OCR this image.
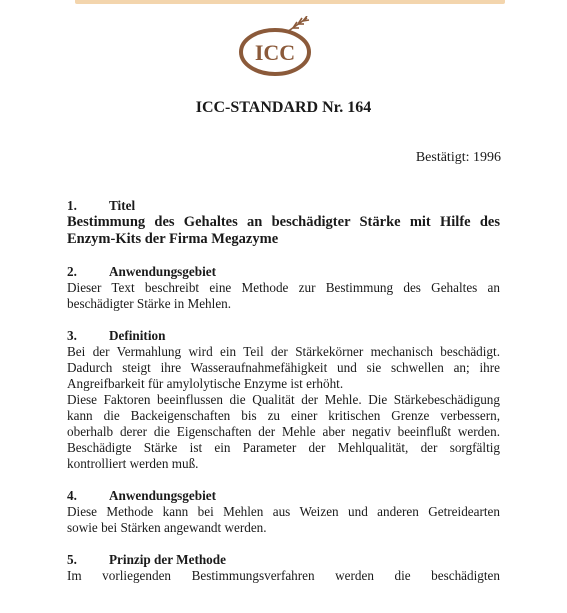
ICC
ICC-STANDARD Nr. 164
Bestätigt: 1996
1.	Titel
Bestimmung des Gehaltes an beschädigter Stärke mit Hilfe des
Enzym-Kits der Firma Megazyme
2.	Anwendungsgebiet
Dieser Text beschreibt eine Methode zur Bestimmung des Gehaltes an
beschädigter Stärke in Mehlen.
3.	Definition
Bei der Vermahlung wird ein Teil der Stärkekörner mechanisch beschädigt.
Dadurch steigt ihre Wasseraufnahmefähigkeit und sie schwellen an; ihre
Angreifbarkeit für amylolytische Enzyme ist erhöht.
Diese Faktoren beeinflussen die Qualität der Mehle. Die Stärkebeschädigung
kann die Backeigenschaften bis zu einer kritischen Grenze verbessern,
oberhalb derer die Eigenschaften der Mehle aber negativ beeinflußt werden.
Beschädigte Stärke ist ein Parameter der Mehlqualität, der sorgfältig
kontrolliert werden muß.
4.	Anwendungsgebiet
Diese Methode kann bei Mehlen aus Weizen und anderen Getreidearten
sowie bei Stärken angewandt werden.
5.	Prinzip der Methode
Im vorliegenden Bestimmungsverfahren werden die beschädigten
